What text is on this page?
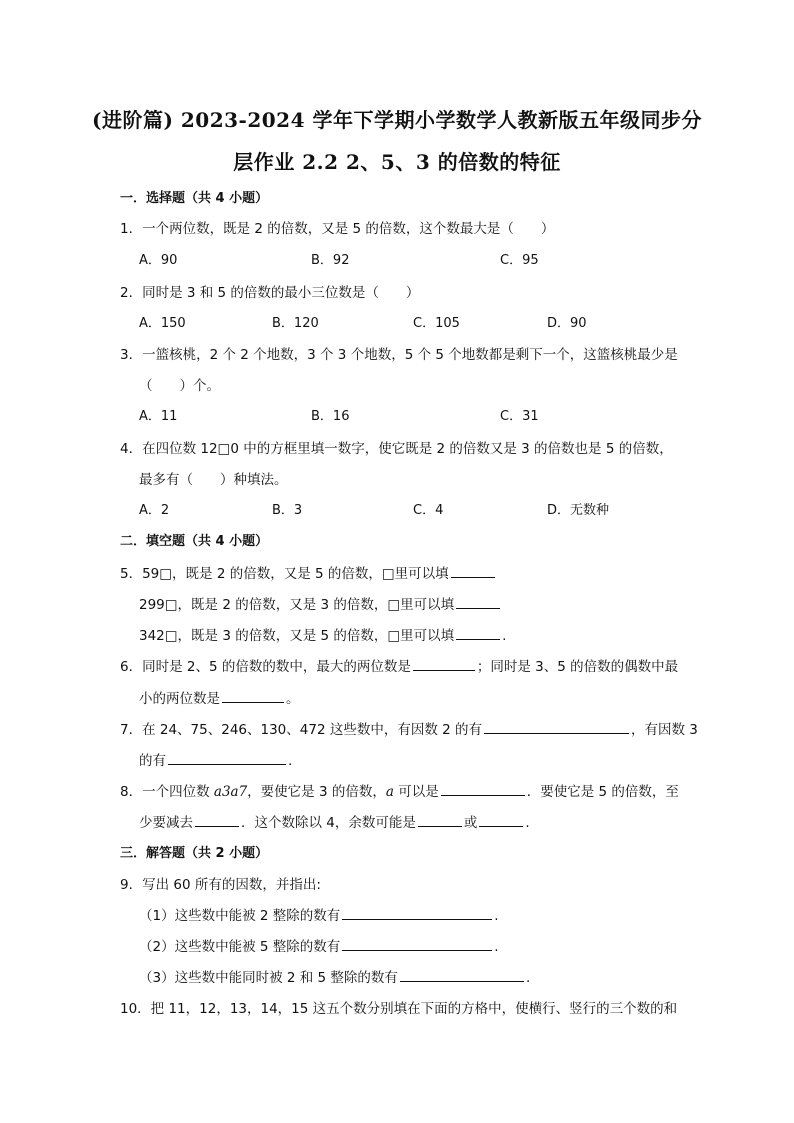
(进阶篇) 2023-2024 学年下学期小学数学人教新版五年级同步分
层作业 2.2 2、5、3 的倍数的特征
一．选择题（共 4 小题）
1．一个两位数，既是 2 的倍数，又是 5 的倍数，这个数最大是（　　）
A．90	B．92	C．95
2．同时是 3 和 5 的倍数的最小三位数是（　　）
A．150	B．120	C．105	D．90
3．一篮核桃，2 个 2 个地数，3 个 3 个地数，5 个 5 个地数都是剩下一个，这篮核桃最少是
（　　）个。
A．11	B．16	C．31
4．在四位数 12□0 中的方框里填一数字，使它既是 2 的倍数又是 3 的倍数也是 5 的倍数，
最多有（　　）种填法。
A．2	B．3	C．4	D．无数种
二．填空题（共 4 小题）
5．59□，既是 2 的倍数，又是 5 的倍数，□里可以填
299□，既是 2 的倍数，又是 3 的倍数，□里可以填
342□，既是 3 的倍数，又是 5 的倍数，□里可以填	.
6．同时是 2、5 的倍数的数中，最大的两位数是	；同时是 3、5 的倍数的偶数中最
小的两位数是	。
7．在 24、75、246、130、472 这些数中，有因数 2 的有	，有因数 3
的有	.
8．一个四位数 a3a7，要使它是 3 的倍数，a 可以是	．要使它是 5 的倍数，至
少要减去	．这个数除以 4，余数可能是	或	.
三．解答题（共 2 小题）
9．写出 60 所有的因数，并指出:
（1）这些数中能被 2 整除的数有	.
（2）这些数中能被 5 整除的数有	.
（3）这些数中能同时被 2 和 5 整除的数有	.
10．把 11，12，13，14，15 这五个数分别填在下面的方格中，使横行、竖行的三个数的和
